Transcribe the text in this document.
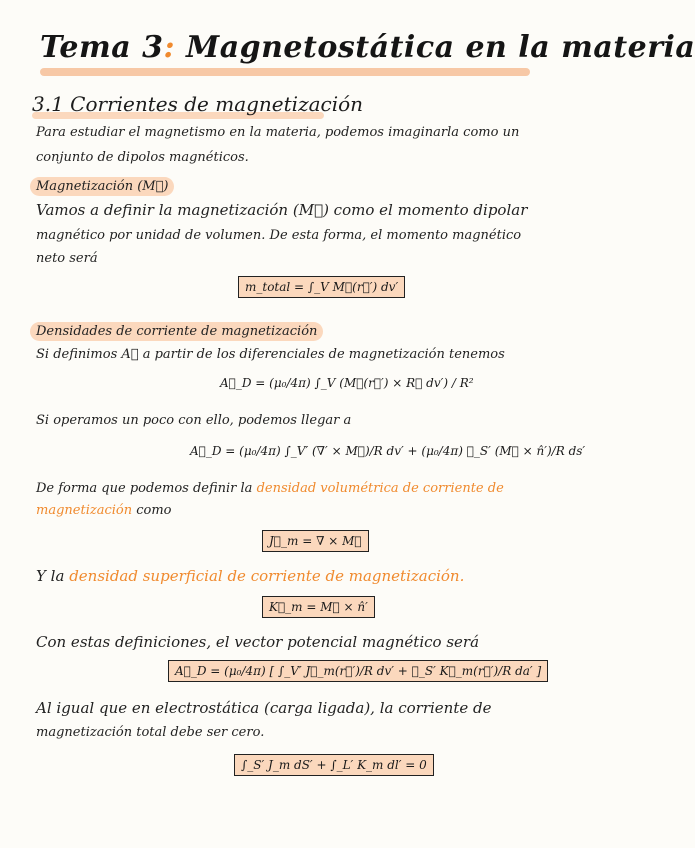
Tema 3: Magnetostática en la materia
3.1 Corrientes de magnetización
Para estudiar el magnetismo en la materia, podemos imaginarla como un
conjunto de dipolos magnéticos.
Magnetización (M⃗)
Vamos a definir la magnetización (M⃗) como el momento dipolar
magnético por unidad de volumen. De esta forma, el momento magnético
neto será
m_total = ∫_V M⃗(r⃗′) dv′
Densidades de corriente de magnetización
Si definimos A⃗ a partir de los diferenciales de magnetización tenemos
A⃗_D = (μ₀/4π) ∫_V (M⃗(r⃗′) × R⃗ dv′) / R²
Si operamos un poco con ello, podemos llegar a
A⃗_D = (μ₀/4π) ∫_V′ (∇′ × M⃗)/R dv′ + (μ₀/4π) ∮_S′ (M⃗ × n̂′)/R ds′
De forma que podemos definir la densidad volumétrica de corriente de
magnetización como
J⃗_m = ∇ × M⃗
Y la densidad superficial de corriente de magnetización.
K⃗_m = M⃗ × n̂′
Con estas definiciones, el vector potencial magnético será
A⃗_D = (μ₀/4π) [ ∫_V′ J⃗_m(r⃗′)/R dv′ + ∮_S′ K⃗_m(r⃗′)/R da′ ]
Al igual que en electrostática (carga ligada), la corriente de
magnetización total debe ser cero.
∫_S′ J_m dS′ + ∫_L′ K_m dl′ = 0
